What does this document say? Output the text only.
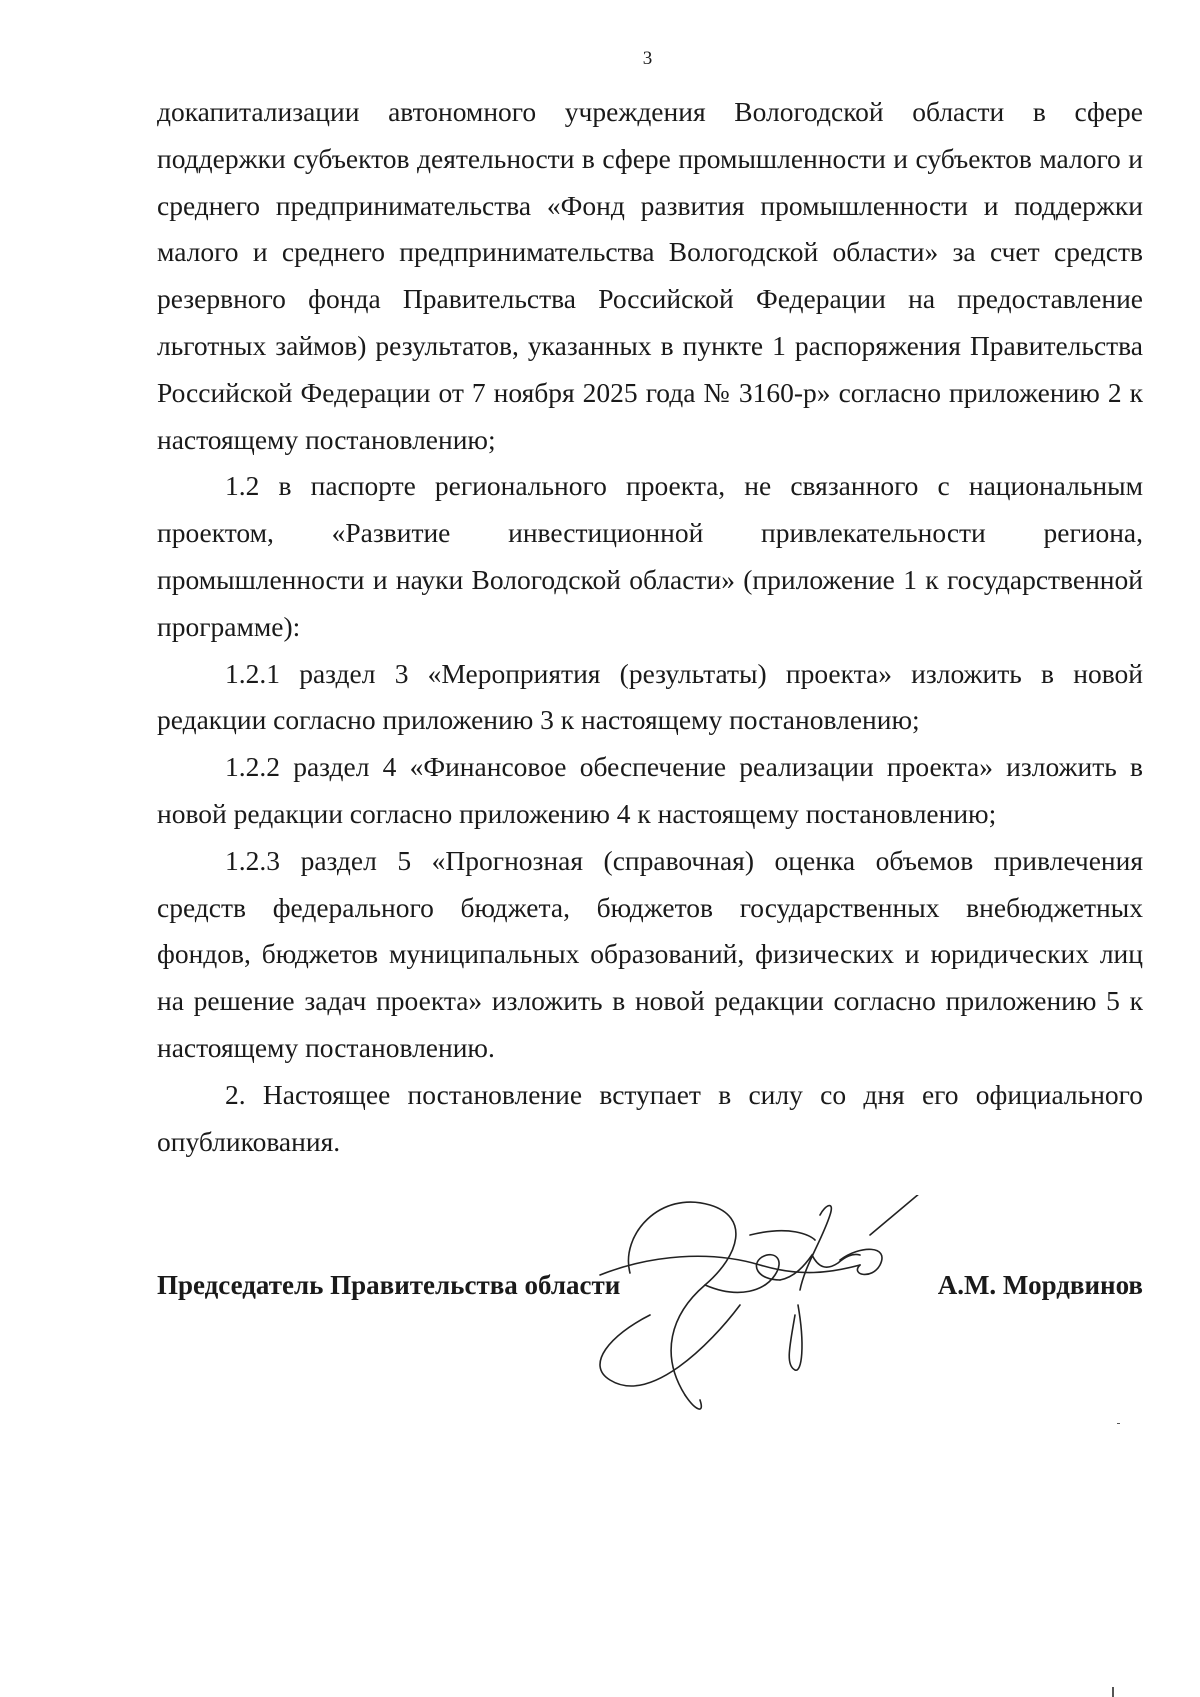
3

докапитализации автономного учреждения Вологодской области в сфере поддержки субъектов деятельности в сфере промышленности и субъектов малого и среднего предпринимательства «Фонд развития промышленности и поддержки малого и среднего предпринимательства Вологодской области» за счет средств резервного фонда Правительства Российской Федерации на предоставление льготных займов) результатов, указанных в пункте 1 распоряжения Правительства Российской Федерации от 7 ноября 2025 года № 3160-р» согласно приложению 2 к настоящему постановлению;

1.2 в паспорте регионального проекта, не связанного с национальным проектом, «Развитие инвестиционной привлекательности региона, промышленности и науки Вологодской области» (приложение 1 к государственной программе):

1.2.1 раздел 3 «Мероприятия (результаты) проекта» изложить в новой редакции согласно приложению 3 к настоящему постановлению;

1.2.2 раздел 4 «Финансовое обеспечение реализации проекта» изложить в новой редакции согласно приложению 4 к настоящему постановлению;

1.2.3 раздел 5 «Прогнозная (справочная) оценка объемов привлечения средств федерального бюджета, бюджетов государственных внебюджетных фондов, бюджетов муниципальных образований, физических и юридических лиц на решение задач проекта» изложить в новой редакции согласно приложению 5 к настоящему постановлению.

2. Настоящее постановление вступает в силу со дня его официального опубликования.

Председатель Правительства области	А.М. Мордвинов
